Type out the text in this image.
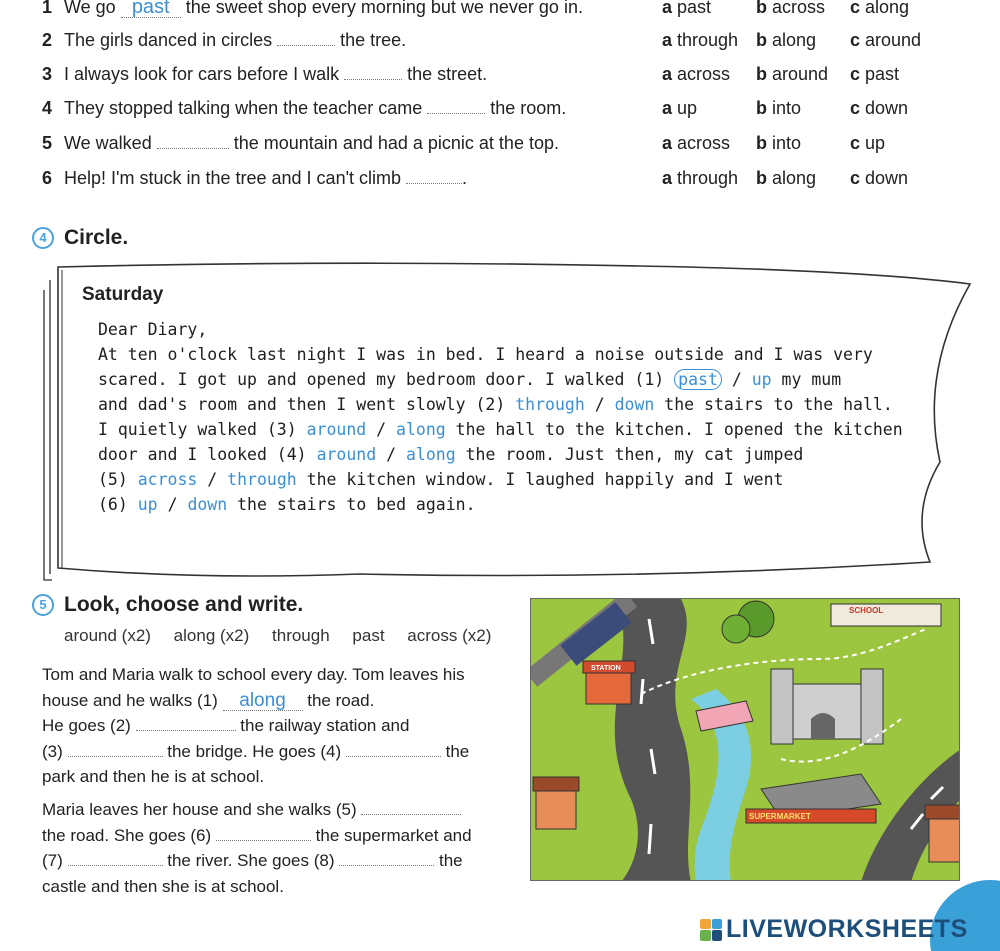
1 We go past the sweet shop every morning but we never go in.	a past b across c along
2 The girls danced in circles	the tree.	a through b along c around
3 I always look for cars before I walk	the street.	a across b around c past
4 They stopped talking when the teacher came	the room.	a up	b into	c down
5 We walked	the mountain and had a picnic at the top.	a across b into	c up
6 Help! I'm stuck in the tree and I can't climb	.	a through b along c down
4 Circle.
Saturday
Dear Diary,
At ten o'clock last night I was in bed. I heard a noise outside and I was very
scared. I got up and opened my bedroom door. I walked (1) past / up my mum
and dad's room and then I went slowly (2) through / down the stairs to the hall.
I quietly walked (3) around / along the hall to the kitchen. I opened the kitchen
door and I looked (4) around / along the room. Just then, my cat jumped
(5) across / through the kitchen window. I laughed happily and I went
(6) up / down the stairs to bed again.
5 Look, choose and write.
around (x2) along (x2) through past across (x2)
Tom and Maria walk to school every day. Tom leaves his
house and he walks (1) along the road.
He goes (2)	the railway station and
(3)	the bridge. He goes (4)	the
park and then he is at school.
Maria leaves her house and she walks (5)
the road. She goes (6)	the supermarket and
(7)	the river. She goes (8)	the
castle and then she is at school.
STATION
SCHOOL
SUPERMARKET
LIVEWORKSHEETS
